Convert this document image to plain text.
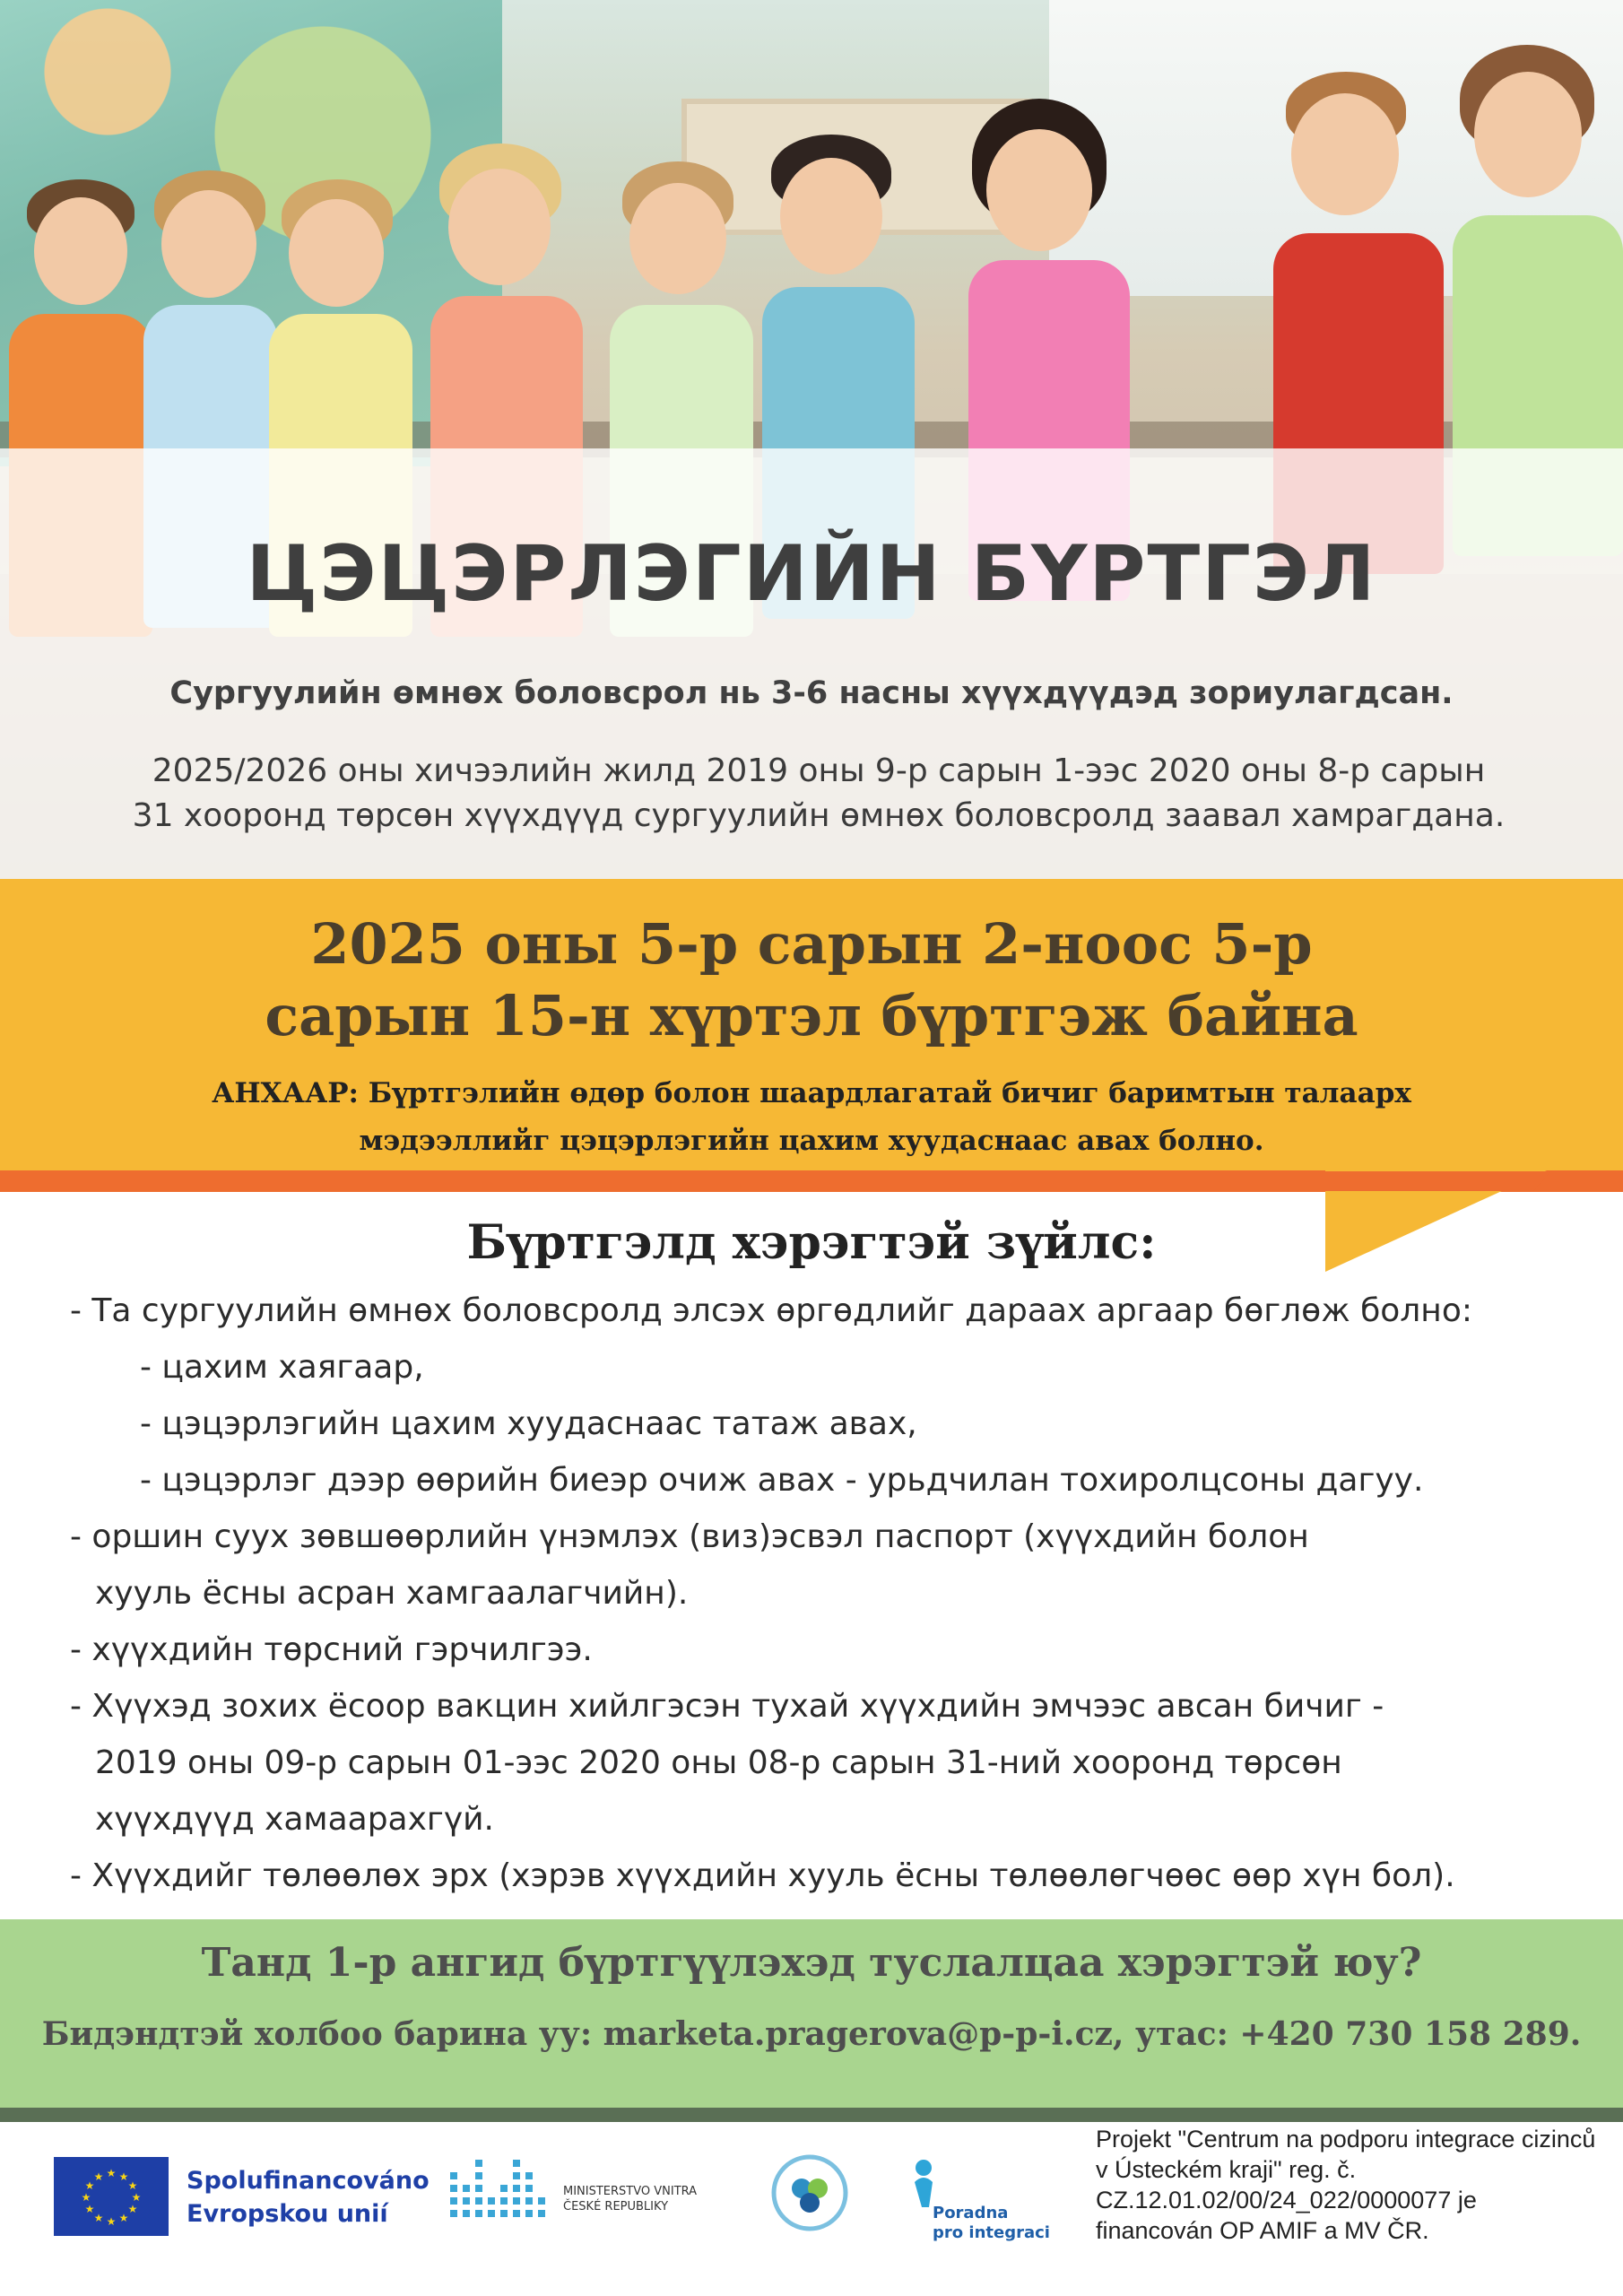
ЦЭЦЭРЛЭГИЙН БҮРТГЭЛ

Сургуулийн өмнөх боловсрол нь 3-6 насны хүүхдүүдэд зориулагдсан.

2025/2026 оны хичээлийн жилд 2019 оны 9-р сарын 1-ээс 2020 оны 8-р сарын
31 хооронд төрсөн хүүхдүүд сургуулийн өмнөх боловсролд заавал хамрагдана.

2025 оны 5-р сарын 2-ноос 5-р
сарын 15-н хүртэл бүртгэж байна

АНХААР: Бүртгэлийн өдөр болон шаардлагатай бичиг баримтын талаарх
мэдээллийг цэцэрлэгийн цахим хуудаснаас авах болно.

Бүртгэлд хэрэгтэй зүйлс:
- Та сургуулийн өмнөх боловсролд элсэх өргөдлийг дараах аргаар бөглөж болно:
- цахим хаягаар,
- цэцэрлэгийн цахим хуудаснаас татаж авах,
- цэцэрлэг дээр өөрийн биеэр очиж авах - урьдчилан тохиролцсоны дагуу.
- оршин суух зөвшөөрлийн үнэмлэх (виз)эсвэл паспорт (хүүхдийн болон
хууль ёсны асран хамгаалагчийн).
- хүүхдийн төрсний гэрчилгээ.
- Хүүхэд зохих ёсоор вакцин хийлгэсэн тухай хүүхдийн эмчээс авсан бичиг -
2019 оны 09-р сарын 01-ээс 2020 оны 08-р сарын 31-ний хооронд төрсөн
хүүхдүүд хамаарахгүй.
- Хүүхдийг төлөөлөх эрх (хэрэв хүүхдийн хууль ёсны төлөөлөгчөөс өөр хүн бол).

Танд 1-р ангид бүртгүүлэхэд туслалцаа хэрэгтэй юу?

Бидэндтэй холбоо барина уу: marketa.pragerova@p-p-i.cz, утас: +420 730 158 289.

★ ★
★
★
★
★
★
★
★
★
★
★	Spolufinancováno
Evropskou unií
MINISTERSTVO VNITRA
ČESKÉ REPUBLIKY	Poradna
pro integraci
Projekt "Centrum na podporu integrace cizinců v Ústeckém kraji" reg. č. CZ.12.01.02/00/24_022/0000077 je financován OP AMIF a MV ČR.
